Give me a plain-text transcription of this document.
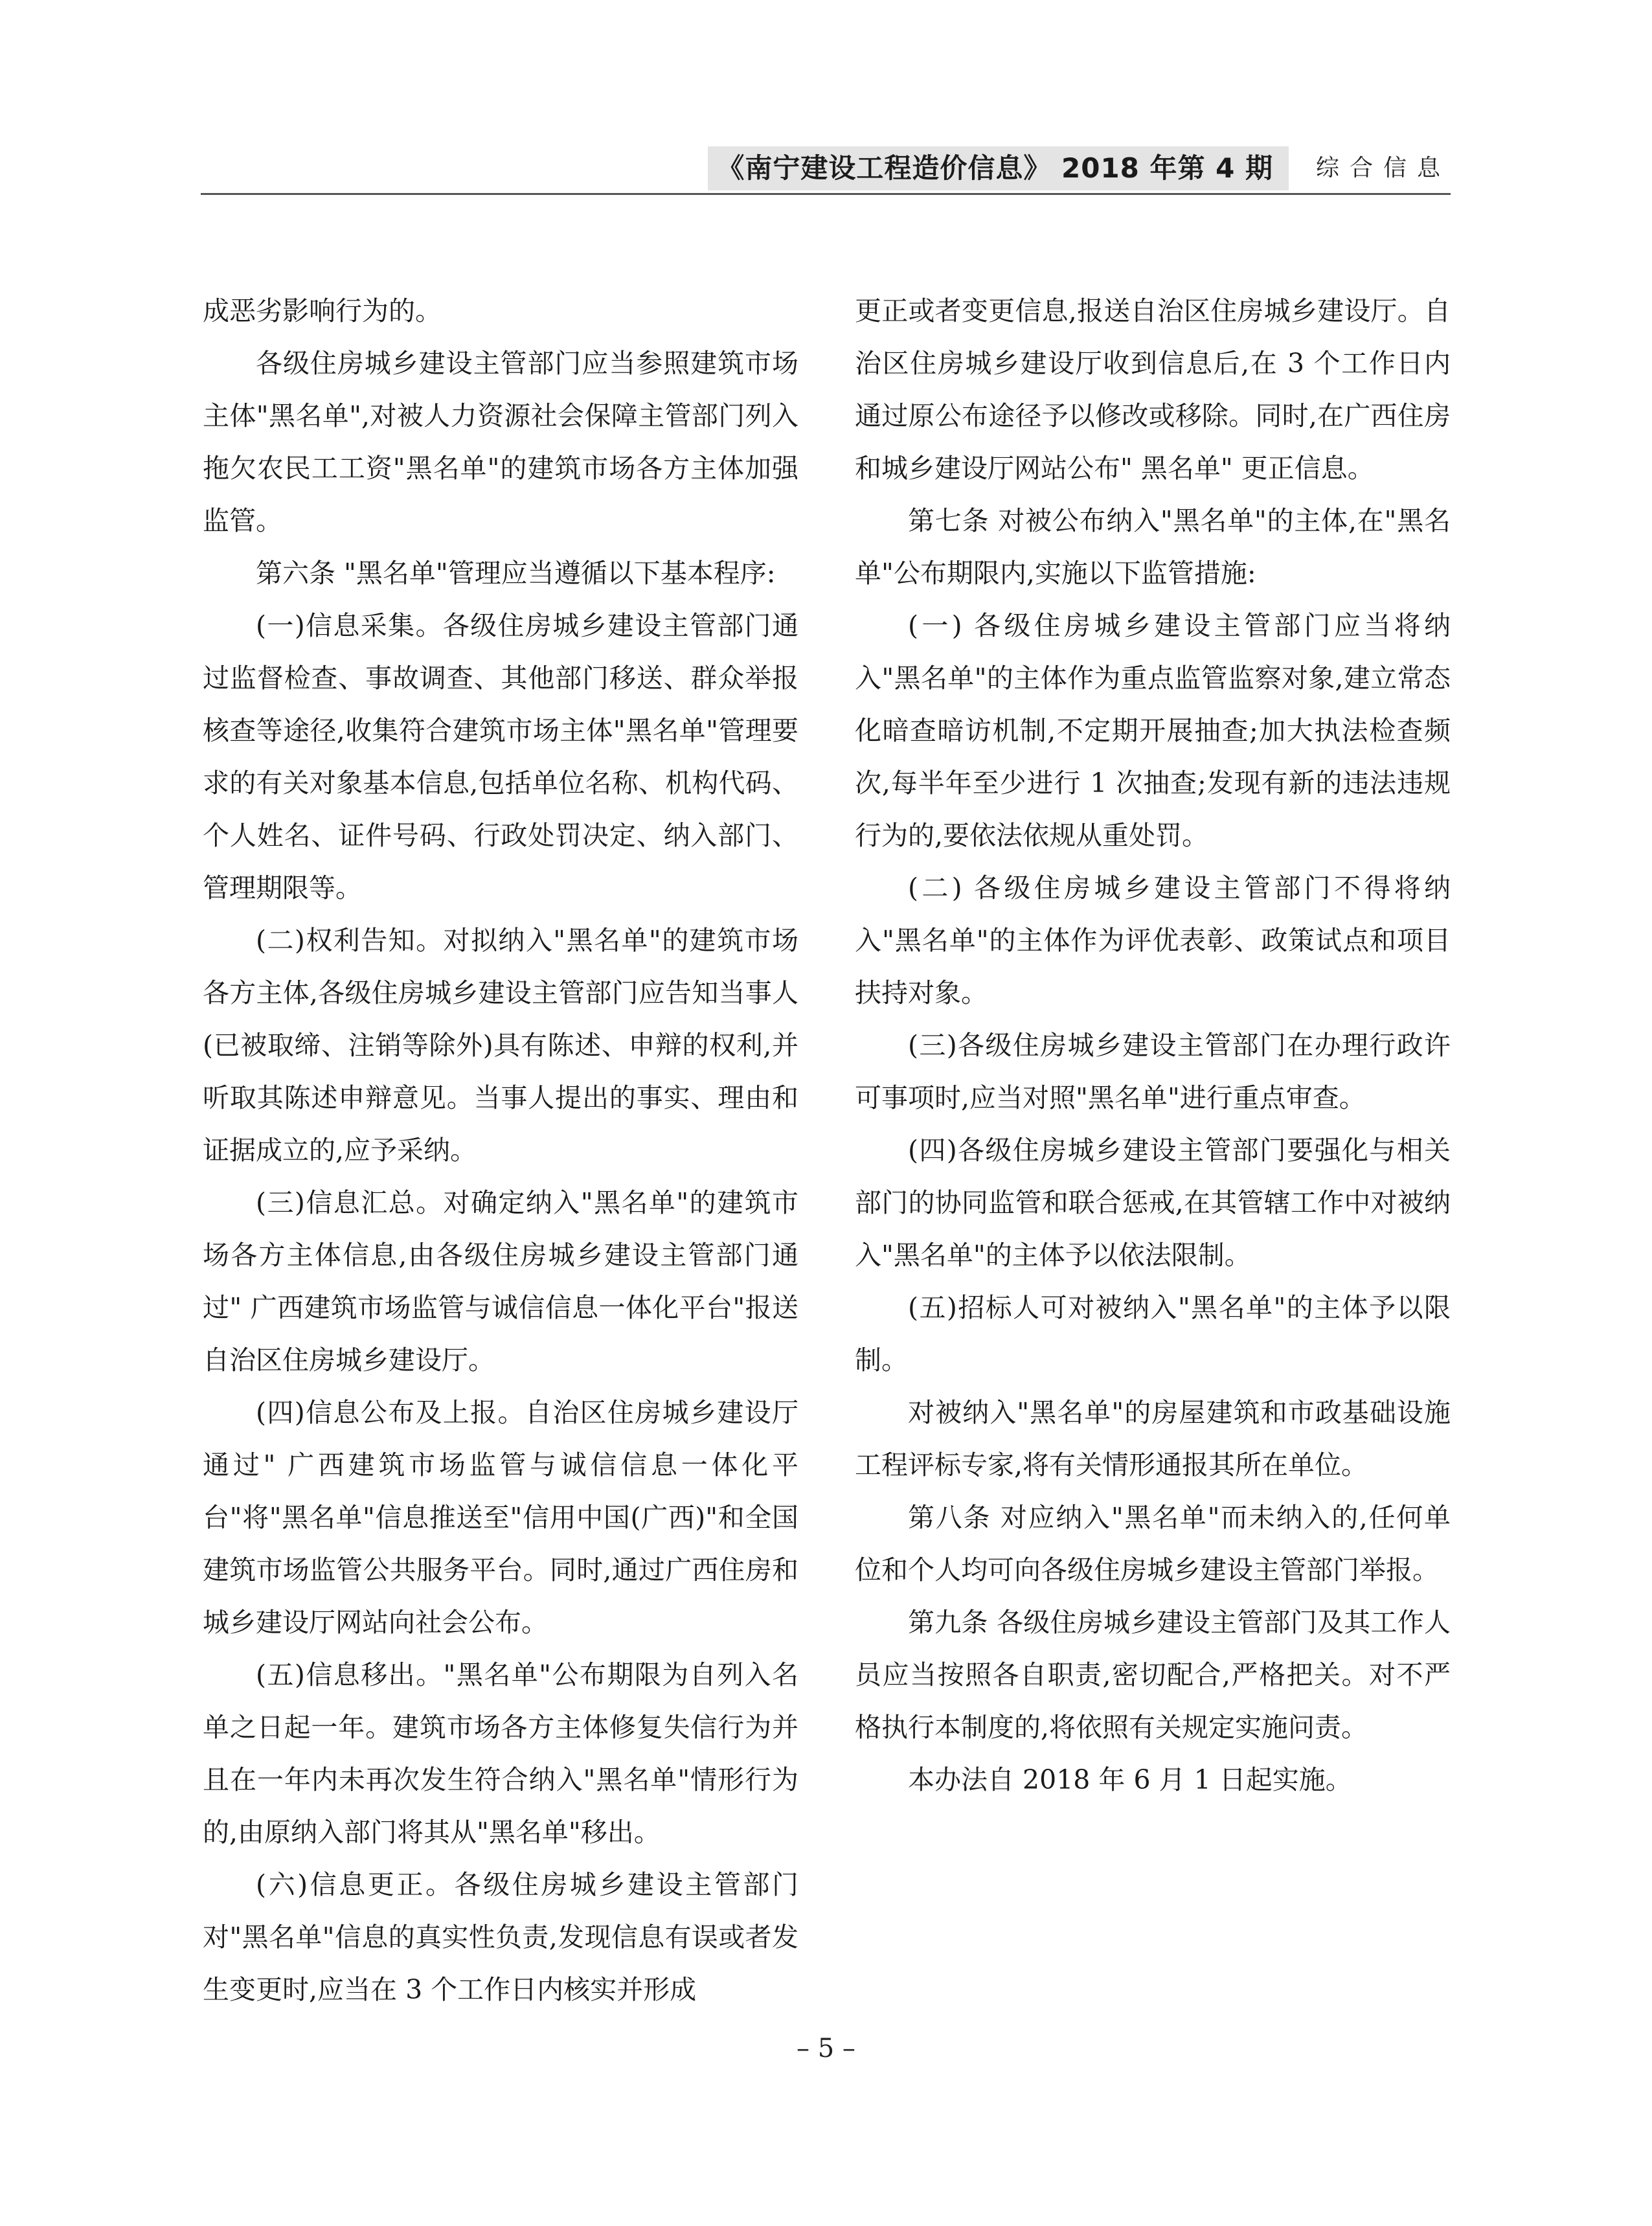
《南宁建设工程造价信息》 2018 年第 4 期	综合信息

成恶劣影响行为的。

各级住房城乡建设主管部门应当参照建筑市场主体"黑名单",对被人力资源社会保障主管部门列入拖欠农民工工资"黑名单"的建筑市场各方主体加强监管。

第六条 "黑名单"管理应当遵循以下基本程序:

(一)信息采集。各级住房城乡建设主管部门通过监督检查、事故调查、其他部门移送、群众举报核查等途径,收集符合建筑市场主体"黑名单"管理要求的有关对象基本信息,包括单位名称、机构代码、个人姓名、证件号码、行政处罚决定、纳入部门、管理期限等。

(二)权利告知。对拟纳入"黑名单"的建筑市场各方主体,各级住房城乡建设主管部门应告知当事人(已被取缔、注销等除外)具有陈述、申辩的权利,并听取其陈述申辩意见。当事人提出的事实、理由和证据成立的,应予采纳。

(三)信息汇总。对确定纳入"黑名单"的建筑市场各方主体信息,由各级住房城乡建设主管部门通过" 广西建筑市场监管与诚信信息一体化平台"报送自治区住房城乡建设厅。

(四)信息公布及上报。自治区住房城乡建设厅通过" 广西建筑市场监管与诚信信息一体化平台"将"黑名单"信息推送至"信用中国(广西)"和全国建筑市场监管公共服务平台。同时,通过广西住房和城乡建设厅网站向社会公布。

(五)信息移出。"黑名单"公布期限为自列入名单之日起一年。建筑市场各方主体修复失信行为并且在一年内未再次发生符合纳入"黑名单"情形行为的,由原纳入部门将其从"黑名单"移出。

(六)信息更正。各级住房城乡建设主管部门对"黑名单"信息的真实性负责,发现信息有误或者发生变更时,应当在 3 个工作日内核实并形成

更正或者变更信息,报送自治区住房城乡建设厅。自治区住房城乡建设厅收到信息后,在 3 个工作日内通过原公布途径予以修改或移除。同时,在广西住房和城乡建设厅网站公布" 黑名单" 更正信息。

第七条 对被公布纳入"黑名单"的主体,在"黑名单"公布期限内,实施以下监管措施:

(一) 各级住房城乡建设主管部门应当将纳入"黑名单"的主体作为重点监管监察对象,建立常态化暗查暗访机制,不定期开展抽查;加大执法检查频次,每半年至少进行 1 次抽查;发现有新的违法违规行为的,要依法依规从重处罚。

(二) 各级住房城乡建设主管部门不得将纳入"黑名单"的主体作为评优表彰、政策试点和项目扶持对象。

(三)各级住房城乡建设主管部门在办理行政许可事项时,应当对照"黑名单"进行重点审查。

(四)各级住房城乡建设主管部门要强化与相关部门的协同监管和联合惩戒,在其管辖工作中对被纳入"黑名单"的主体予以依法限制。

(五)招标人可对被纳入"黑名单"的主体予以限制。

对被纳入"黑名单"的房屋建筑和市政基础设施工程评标专家,将有关情形通报其所在单位。

第八条 对应纳入"黑名单"而未纳入的,任何单位和个人均可向各级住房城乡建设主管部门举报。

第九条 各级住房城乡建设主管部门及其工作人员应当按照各自职责,密切配合,严格把关。对不严格执行本制度的,将依照有关规定实施问责。

本办法自 2018 年 6 月 1 日起实施。

– 5 –
